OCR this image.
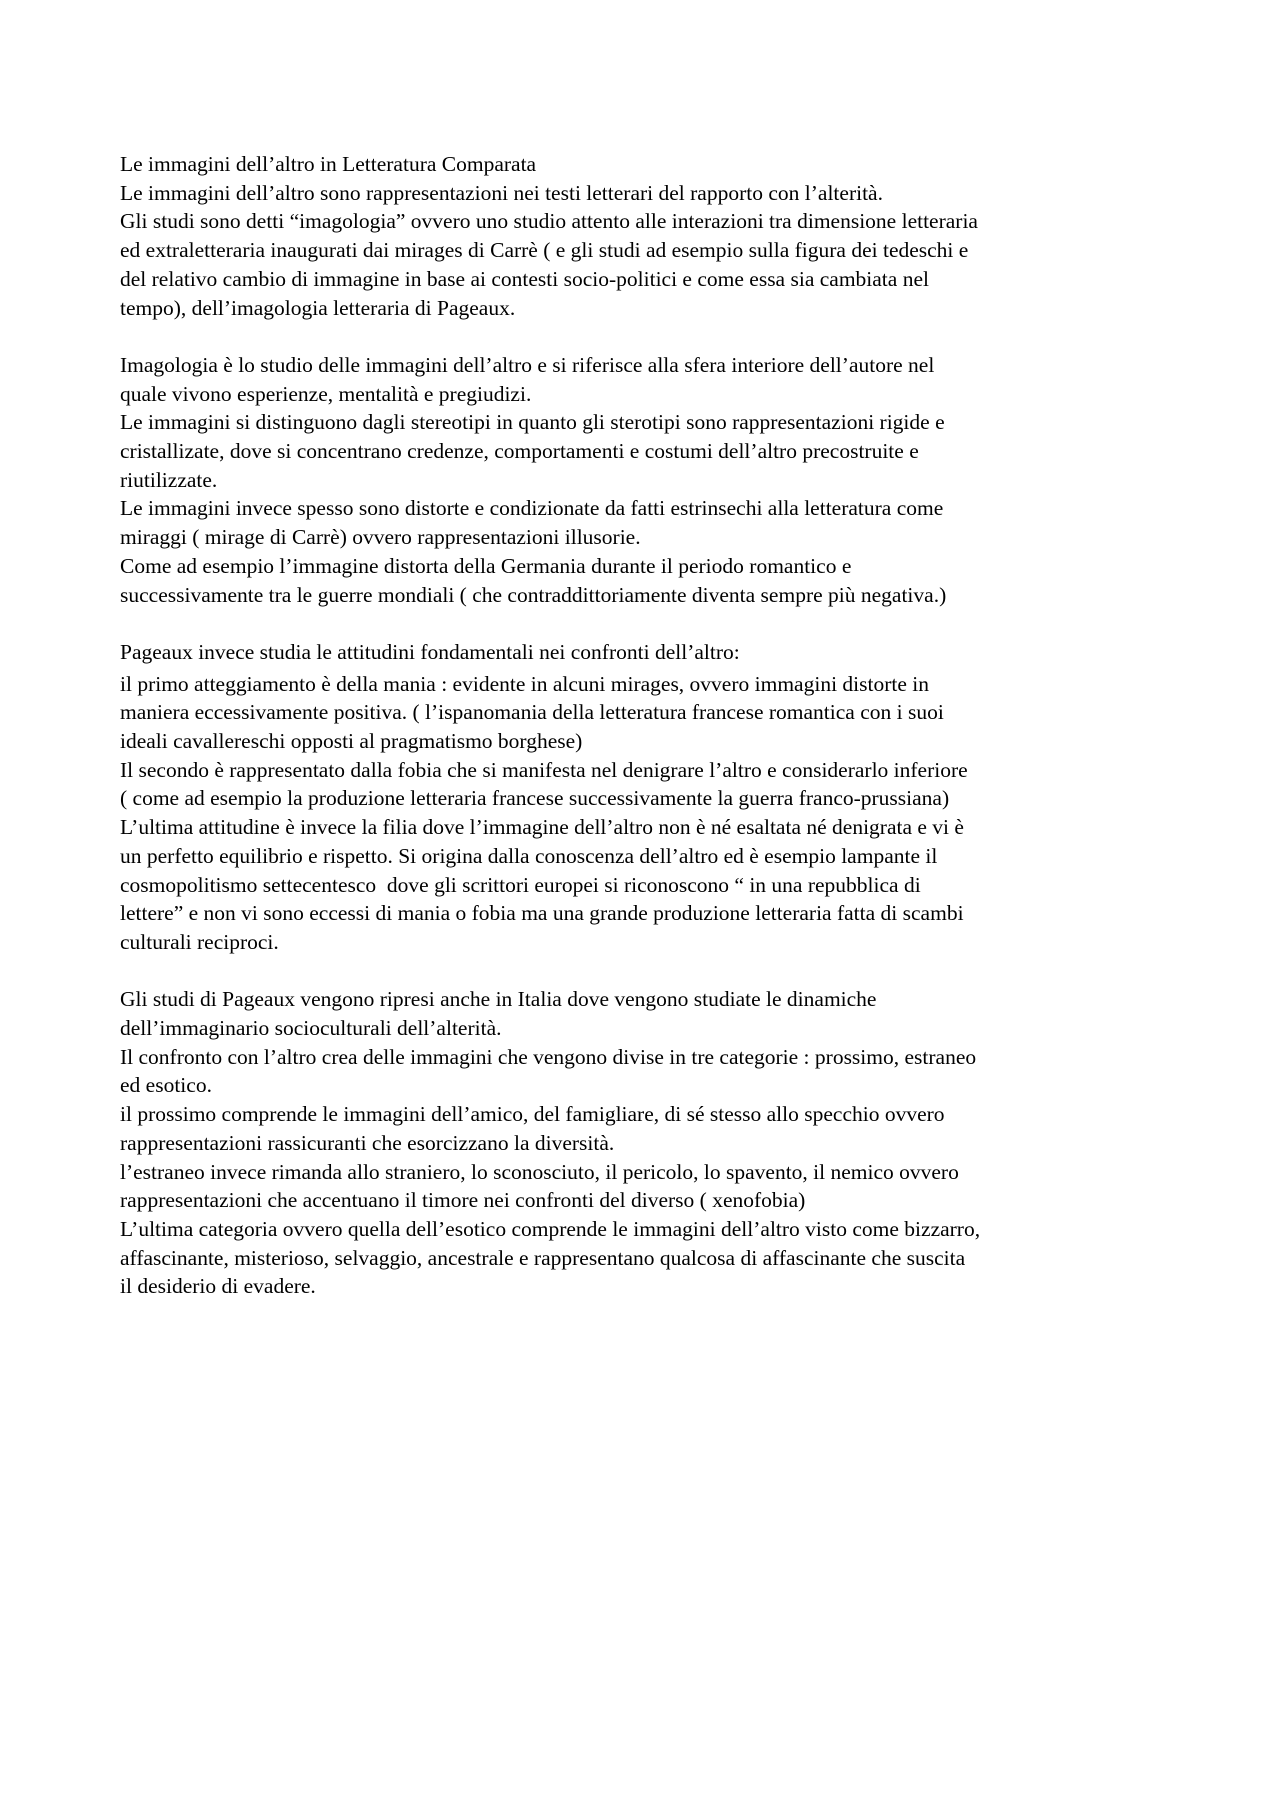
Le immagini dell’altro in Letteratura Comparata
Le immagini dell’altro sono rappresentazioni nei testi letterari del rapporto con l’alterità.
Gli studi sono detti “imagologia” ovvero uno studio attento alle interazioni tra dimensione letteraria
ed extraletteraria inaugurati dai mirages di Carrè ( e gli studi ad esempio sulla figura dei tedeschi e
del relativo cambio di immagine in base ai contesti socio-politici e come essa sia cambiata nel
tempo), dell’imagologia letteraria di Pageaux.
Imagologia è lo studio delle immagini dell’altro e si riferisce alla sfera interiore dell’autore nel
quale vivono esperienze, mentalità e pregiudizi.
Le immagini si distinguono dagli stereotipi in quanto gli sterotipi sono rappresentazioni rigide e
cristallizate, dove si concentrano credenze, comportamenti e costumi dell’altro precostruite e
riutilizzate.
Le immagini invece spesso sono distorte e condizionate da fatti estrinsechi alla letteratura come
miraggi ( mirage di Carrè) ovvero rappresentazioni illusorie.
Come ad esempio l’immagine distorta della Germania durante il periodo romantico e
successivamente tra le guerre mondiali ( che contraddittoriamente diventa sempre più negativa.)
Pageaux invece studia le attitudini fondamentali nei confronti dell’altro:
il primo atteggiamento è della mania : evidente in alcuni mirages, ovvero immagini distorte in
maniera eccessivamente positiva. ( l’ispanomania della letteratura francese romantica con i suoi
ideali cavallereschi opposti al pragmatismo borghese)
Il secondo è rappresentato dalla fobia che si manifesta nel denigrare l’altro e considerarlo inferiore
( come ad esempio la produzione letteraria francese successivamente la guerra franco-prussiana)
L’ultima attitudine è invece la filia dove l’immagine dell’altro non è né esaltata né denigrata e vi è
un perfetto equilibrio e rispetto. Si origina dalla conoscenza dell’altro ed è esempio lampante il
cosmopolitismo settecentesco  dove gli scrittori europei si riconoscono “ in una repubblica di
lettere” e non vi sono eccessi di mania o fobia ma una grande produzione letteraria fatta di scambi
culturali reciproci.
Gli studi di Pageaux vengono ripresi anche in Italia dove vengono studiate le dinamiche
dell’immaginario socioculturali dell’alterità.
Il confronto con l’altro crea delle immagini che vengono divise in tre categorie : prossimo, estraneo
ed esotico.
il prossimo comprende le immagini dell’amico, del famigliare, di sé stesso allo specchio ovvero
rappresentazioni rassicuranti che esorcizzano la diversità.
l’estraneo invece rimanda allo straniero, lo sconosciuto, il pericolo, lo spavento, il nemico ovvero
rappresentazioni che accentuano il timore nei confronti del diverso ( xenofobia)
L’ultima categoria ovvero quella dell’esotico comprende le immagini dell’altro visto come bizzarro,
affascinante, misterioso, selvaggio, ancestrale e rappresentano qualcosa di affascinante che suscita
il desiderio di evadere.
